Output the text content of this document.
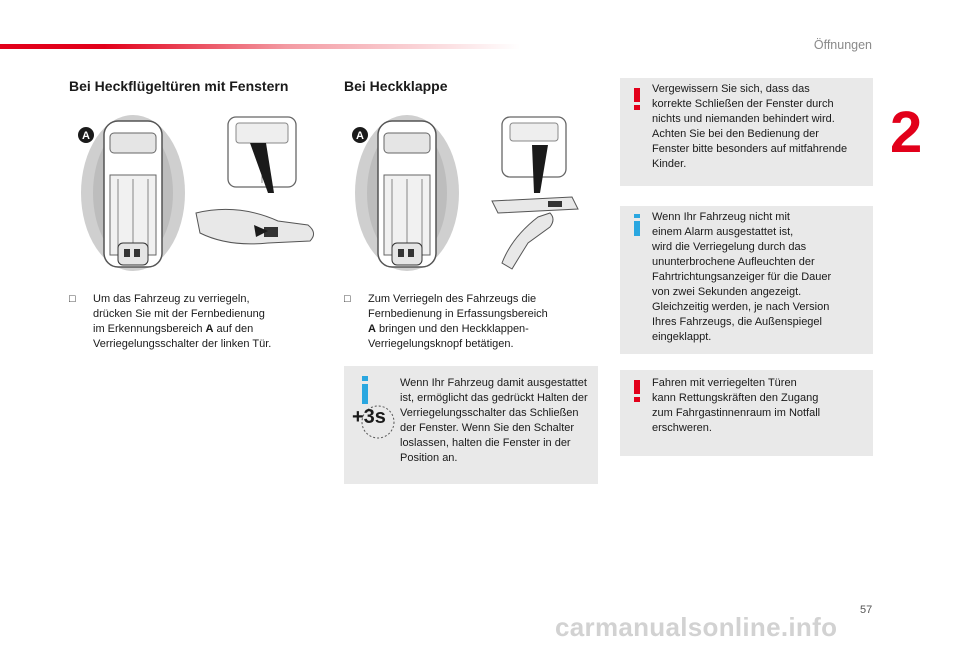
Öffnungen
2
Bei Heckflügeltüren mit Fenstern
A
□ Um das Fahrzeug zu verriegeln,
drücken Sie mit der Fernbedienung
im Erkennungsbereich A auf den
Verriegelungsschalter der linken Tür.
Bei Heckklappe
A
□ Zum Verriegeln des Fahrzeugs die
Fernbedienung in Erfassungsbereich
A bringen und den Heckklappen-
Verriegelungsknopf betätigen.
+3s
Wenn Ihr Fahrzeug damit ausgestattet
ist, ermöglicht das gedrückt Halten der
Verriegelungsschalter das Schließen
der Fenster. Wenn Sie den Schalter
loslassen, halten die Fenster in der
Position an.
Vergewissern Sie sich, dass das
korrekte Schließen der Fenster durch
nichts und niemanden behindert wird.
Achten Sie bei den Bedienung der
Fenster bitte besonders auf mitfahrende
Kinder.
Wenn Ihr Fahrzeug nicht mit
einem Alarm ausgestattet ist,
wird die Verriegelung durch das
ununterbrochene Aufleuchten der
Fahrtrichtungsanzeiger für die Dauer
von zwei Sekunden angezeigt.
Gleichzeitig werden, je nach Version
Ihres Fahrzeugs, die Außenspiegel
eingeklappt.
Fahren mit verriegelten Türen
kann Rettungskräften den Zugang
zum Fahrgastinnenraum im Notfall
erschweren.
57
carmanualsonline.info
